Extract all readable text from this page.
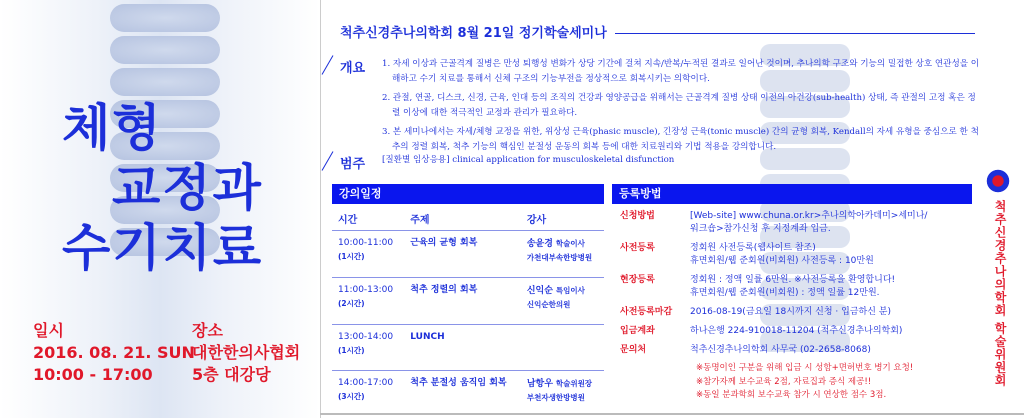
체형
교정과
수기치료
일시
2016. 08. 21. SUN
10:00 - 17:00
장소
대한한의사협회
5층 대강당
척추신경추나의학회 8월 21일 정기학술세미나
개요 1. 자세 이상과 근골격계 질병은 만성 퇴행성 변화가 상당 기간에 걸쳐 지속/반복/누적된 결과로 일어난 것이며, 추나의학 구조와 기능의 밀접한 상호 연관성을 이해하고 수기 치료를 통해서 신체 구조의 기능부전을 정상적으로 회복시키는 의학이다.

2. 관절, 연골, 디스크, 신경, 근육, 인대 등의 조직의 건강과 영양공급을 위해서는 근골격계 질병 상태 이전의 아건강(sub-health) 상태, 즉 관절의 고정 혹은 정렬 이상에 대한 적극적인 교정과 관리가 필요하다.

3. 본 세미나에서는 자세/체형 교정을 위한, 위상성 근육(phasic muscle), 긴장성 근육(tonic muscle) 간의 균형 회복, Kendall의 자세 유형을 중심으로 한 척추의 정렬 회복, 척추 기능의 핵심인 분절성 운동의 회복 등에 대한 치료원리와 기법 적용을 강의합니다.

범주 [질환별 임상응용] clinical application for musculoskeletal disfunction
강의일정
시간	주제	강사

10:00-11:00
(1시간)	근육의 균형 회복	송윤경 학술이사
가천대부속한방병원

11:00-13:00
(2시간)	척추 정렬의 회복	신익순 특임이사
신익순한의원

13:00-14:00
(1시간)	LUNCH	

14:00-17:00
(3시간)	척추 분절성 움직임 회복	남항우 학술위원장
부천자생한방병원
등록방법
신청방법	[Web-site] www.chuna.or.kr>추나의학아카데미>세미나/
워크숍>참가신청 후 지정계좌 입금.
사전등록	정회원 사전등록(웹사이트 참조)
휴면회원/웹 준회원(비회원) 사전등록 : 10만원
현장등록	정회원 : 정액 일률 6만원. ※사전등록을 환영합니다!
휴면회원/웹 준회원(비회원) : 정액 일률 12만원.
사전등록마감	2016-08-19(금요일 18시까지 신청 · 입금하신 분)
입금계좌	하나은행 224-910018-11204 (척추신경추나의학회)
문의처	척추신경추나의학회 사무국 (02-2658-8068)
※동명이인 구분을 위해 입금 시 성함+면허번호 병기 요청!
※참가자께 보수교육 2점, 자료집과 증식 제공!!
※동일 분과학회 보수교육 참가 시 연상한 점수 3점.
척추신경추나의학회 학술위원회
